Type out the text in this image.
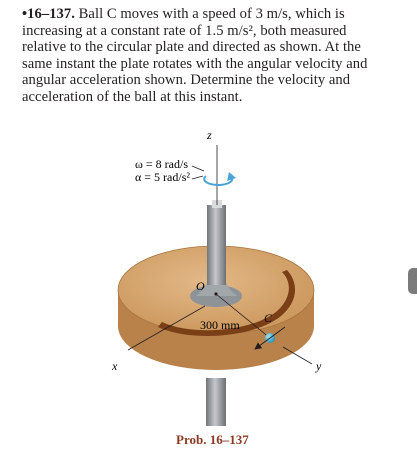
•16–137. Ball C moves with a speed of 3 m/s, which is
increasing at a constant rate of 1.5 m/s², both measured
relative to the circular plate and directed as shown. At the
same instant the plate rotates with the angular velocity and
angular acceleration shown. Determine the velocity and
acceleration of the ball at this instant.
z
ω = 8 rad/s
α = 5 rad/s²
O
300 mm C
x	y
Prob. 16–137
